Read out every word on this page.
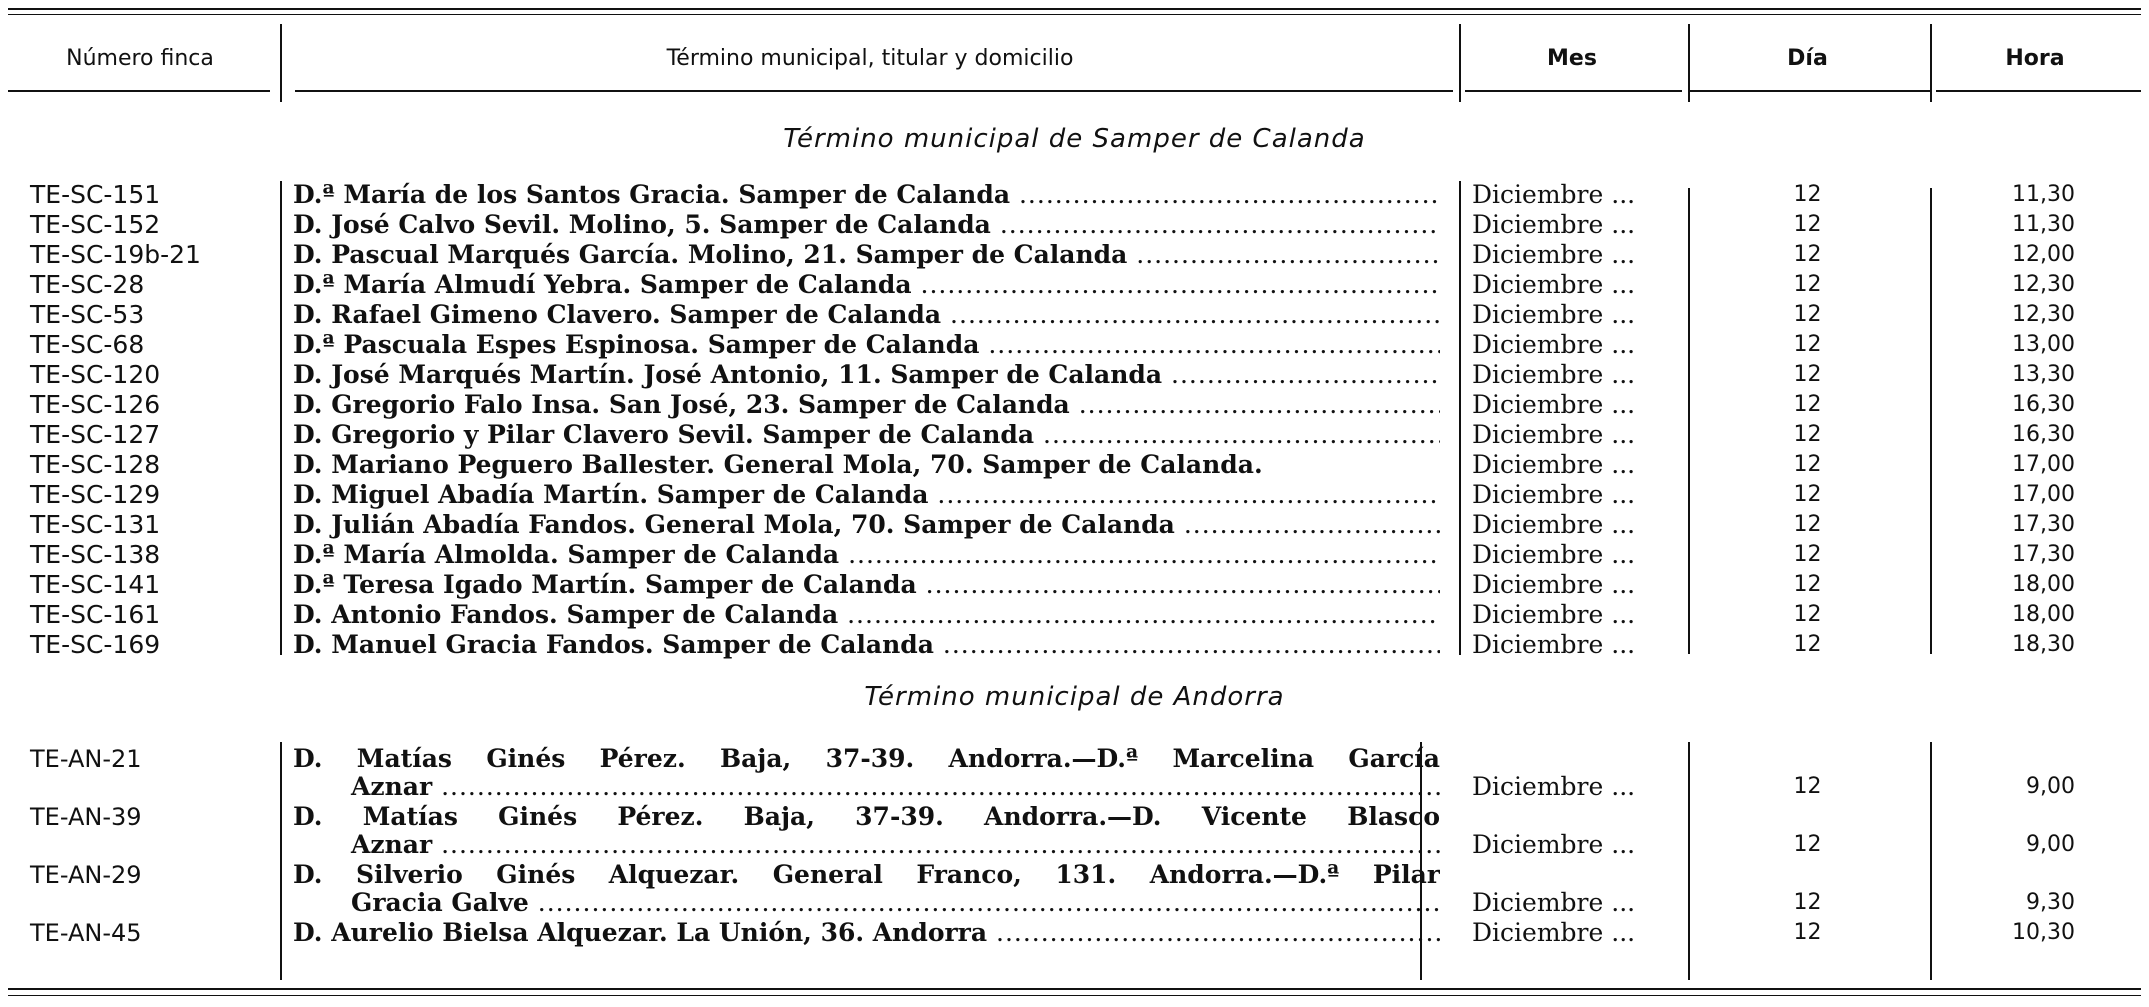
Número finca	Término municipal, titular y domicilio	Mes	Día	Hora
Término municipal de Samper de Calanda
TE-SC-151	D.ª María de los Santos Gracia. Samper de Calanda .....	Diciembre ...	12	11,30
TE-SC-152	D. José Calvo Sevil. Molino, 5. Samper de Calanda .....	Diciembre ...	12	11,30
TE-SC-19b-21	D. Pascual Marqués García. Molino, 21. Samper de Calanda .....	Diciembre ...	12	12,00
TE-SC-28	D.ª María Almudí Yebra. Samper de Calanda .....	Diciembre ...	12	12,30
TE-SC-53	D. Rafael Gimeno Clavero. Samper de Calanda .....	Diciembre ...	12	12,30
TE-SC-68	D.ª Pascuala Espes Espinosa. Samper de Calanda .....	Diciembre ...	12	13,00
TE-SC-120	D. José Marqués Martín. José Antonio, 11. Samper de Calanda .....	Diciembre ...	12	13,30
TE-SC-126	D. Gregorio Falo Insa. San José, 23. Samper de Calanda .....	Diciembre ...	12	16,30
TE-SC-127	D. Gregorio y Pilar Clavero Sevil. Samper de Calanda .....	Diciembre ...	12	16,30
TE-SC-128	D. Mariano Peguero Ballester. General Mola, 70. Samper de Calanda.	Diciembre ...	12	17,00
TE-SC-129	D. Miguel Abadía Martín. Samper de Calanda .....	Diciembre ...	12	17,00
TE-SC-131	D. Julián Abadía Fandos. General Mola, 70. Samper de Calanda .....	Diciembre ...	12	17,30
TE-SC-138	D.ª María Almolda. Samper de Calanda .....	Diciembre ...	12	17,30
TE-SC-141	D.ª Teresa Igado Martín. Samper de Calanda .....	Diciembre ...	12	18,00
TE-SC-161	D. Antonio Fandos. Samper de Calanda .....	Diciembre ...	12	18,00
TE-SC-169	D. Manuel Gracia Fandos. Samper de Calanda .....	Diciembre ...	12	18,30
Término municipal de Andorra
TE-AN-21	D. Matías Ginés Pérez. Baja, 37-39. Andorra.—D.ª Marcelina García
Aznar .....	Diciembre ...	12	9,00
TE-AN-39	D. Matías Ginés Pérez. Baja, 37-39. Andorra.—D. Vicente Blasco
Aznar .....	Diciembre ...	12	9,00
TE-AN-29	D. Silverio Ginés Alquezar. General Franco, 131. Andorra.—D.ª Pilar
Gracia Galve .....	Diciembre ...	12	9,30
TE-AN-45	D. Aurelio Bielsa Alquezar. La Unión, 36. Andorra .....	Diciembre ...	12	10,30
